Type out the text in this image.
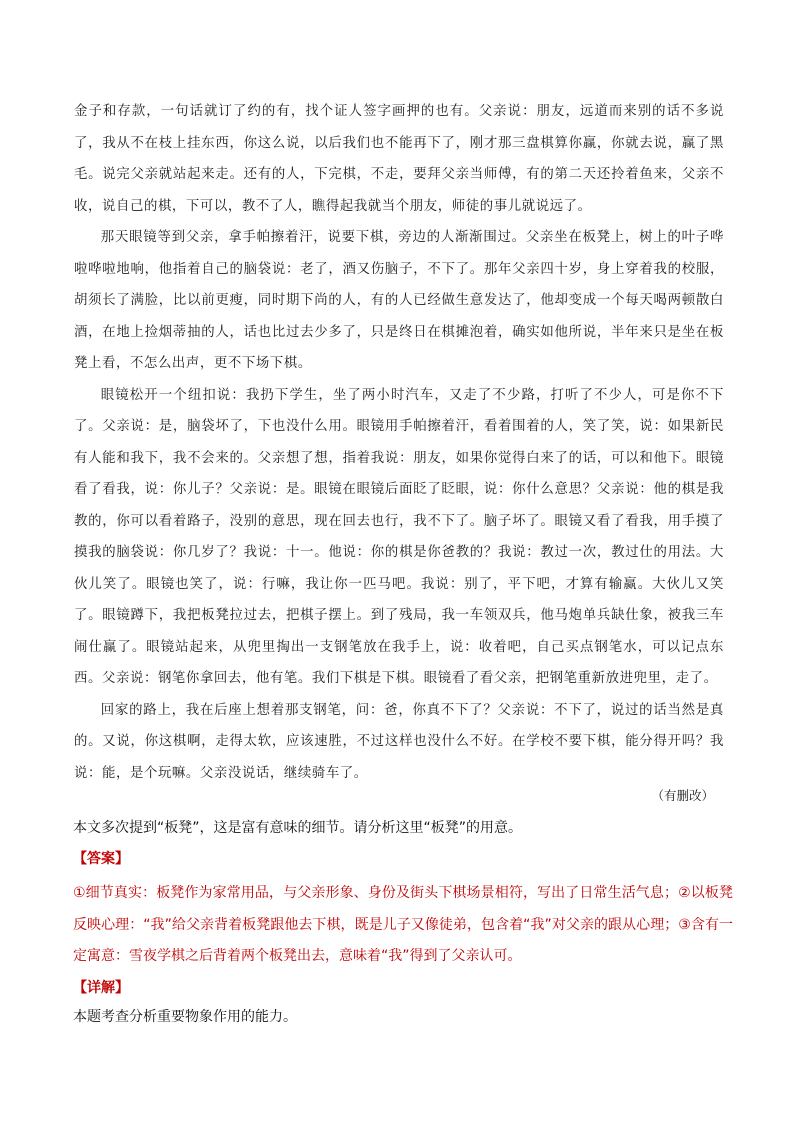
金子和存款，一句话就订了约的有，找个证人签字画押的也有。父亲说：朋友，远道而来别的话不多说了，我从不在枝上挂东西，你这么说，以后我们也不能再下了，刚才那三盘棋算你赢，你就去说，赢了黑毛。说完父亲就站起来走。还有的人，下完棋，不走，要拜父亲当师傅，有的第二天还拎着鱼来，父亲不收，说自己的棋，下可以，教不了人，瞧得起我就当个朋友，师徒的事儿就说远了。

那天眼镜等到父亲，拿手帕擦着汗，说要下棋，旁边的人渐渐围过。父亲坐在板凳上，树上的叶子哗啦哗啦地响，他指着自己的脑袋说：老了，酒又伤脑子，不下了。那年父亲四十岁，身上穿着我的校服，胡须长了满脸，比以前更瘦，同时期下尚的人，有的人已经做生意发达了，他却变成一个每天喝两顿散白酒，在地上捡烟蒂抽的人，话也比过去少多了，只是终日在棋摊泡着，确实如他所说，半年来只是坐在板凳上看，不怎么出声，更不下场下棋。

眼镜松开一个纽扣说：我扔下学生，坐了两小时汽车，又走了不少路，打听了不少人，可是你不下了。父亲说：是，脑袋坏了，下也没什么用。眼镜用手帕擦着汗，看着围着的人，笑了笑，说：如果新民有人能和我下，我不会来的。父亲想了想，指着我说：朋友，如果你觉得白来了的话，可以和他下。眼镜看了看我，说：你儿子？父亲说：是。眼镜在眼镜后面眨了眨眼，说：你什么意思？父亲说：他的棋是我教的，你可以看着路子，没别的意思，现在回去也行，我不下了。脑子坏了。眼镜又看了看我，用手摸了摸我的脑袋说：你几岁了？我说：十一。他说：你的棋是你爸教的？我说：教过一次，教过仕的用法。大伙儿笑了。眼镜也笑了，说：行嘛，我让你一匹马吧。我说：别了，平下吧，才算有输赢。大伙儿又笑了。眼镜蹲下，我把板凳拉过去，把棋子摆上。到了残局，我一车领双兵，他马炮单兵缺仕象，被我三车闹仕赢了。眼镜站起来，从兜里掏出一支钢笔放在我手上，说：收着吧，自己买点钢笔水，可以记点东西。父亲说：钢笔你拿回去，他有笔。我们下棋是下棋。眼镜看了看父亲，把钢笔重新放进兜里，走了。

回家的路上，我在后座上想着那支钢笔，问：爸，你真不下了？父亲说：不下了，说过的话当然是真的。又说，你这棋啊，走得太软，应该速胜，不过这样也没什么不好。在学校不要下棋，能分得开吗？我说：能，是个玩嘛。父亲没说话，继续骑车了。

（有删改）
本文多次提到“板凳”，这是富有意味的细节。请分析这里“板凳”的用意。
【答案】
①细节真实：板凳作为家常用品，与父亲形象、身份及街头下棋场景相符，写出了日常生活气息；②以板凳反映心理：“我”给父亲背着板凳跟他去下棋，既是儿子又像徒弟，包含着“我”对父亲的跟从心理；③含有一定寓意：雪夜学棋之后背着两个板凳出去，意味着“我”得到了父亲认可。
【详解】
本题考查分析重要物象作用的能力。
